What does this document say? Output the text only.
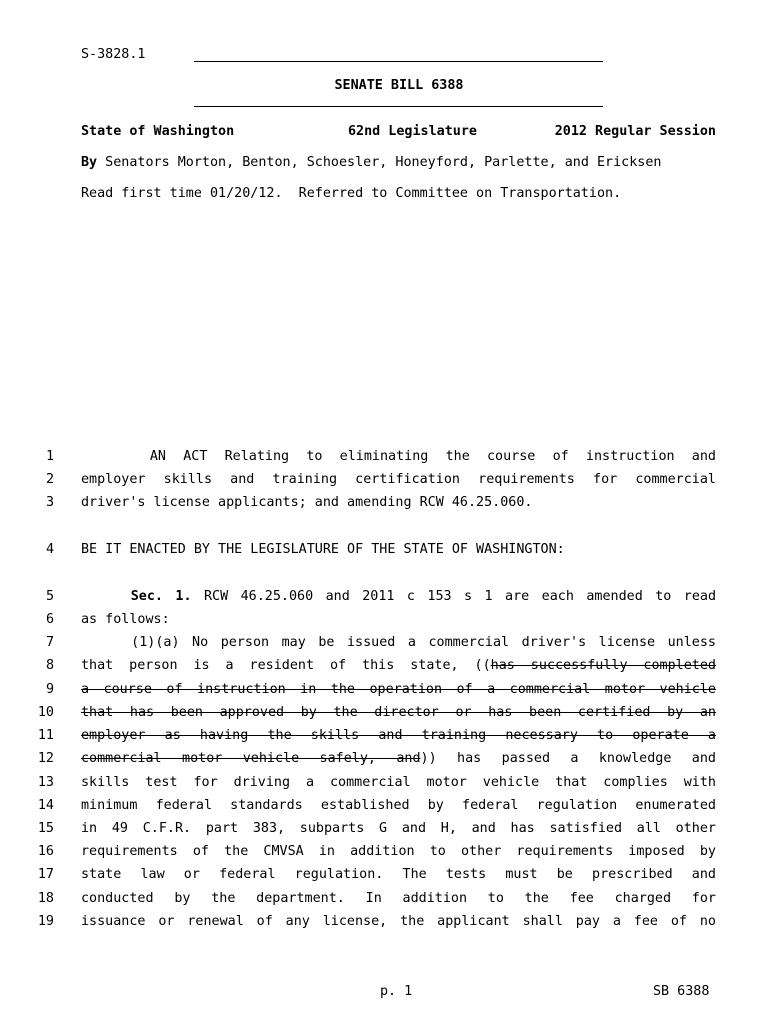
S-3828.1
SENATE BILL 6388
State of Washington	62nd Legislature	2012 Regular Session
By Senators Morton, Benton, Schoesler, Honeyford, Parlette, and Ericksen
Read first time 01/20/12.  Referred to Committee on Transportation.
1	AN ACT Relating to eliminating the course of instruction and
2 employer skills and training certification requirements for commercial
3 driver's license applicants; and amending RCW 46.25.060.
4 BE IT ENACTED BY THE LEGISLATURE OF THE STATE OF WASHINGTON:
5	Sec. 1. RCW 46.25.060 and 2011 c 153 s 1 are each amended to read
6 as follows:
7	(1)(a) No person may be issued a commercial driver's license unless
8 that person is a resident of this state, ((has successfully completed
9 a course of instruction in the operation of a commercial motor vehicle
10 that has been approved by the director or has been certified by an
11 employer as having the skills and training necessary to operate a
12 commercial motor vehicle safely, and)) has passed a knowledge and
13 skills test for driving a commercial motor vehicle that complies with
14 minimum federal standards established by federal regulation enumerated
15 in 49 C.F.R. part 383, subparts G and H, and has satisfied all other
16 requirements of the CMVSA in addition to other requirements imposed by
17 state law or federal regulation. The tests must be prescribed and
18 conducted by the department. In addition to the fee charged for
19 issuance or renewal of any license, the applicant shall pay a fee of no
p. 1	SB 6388
